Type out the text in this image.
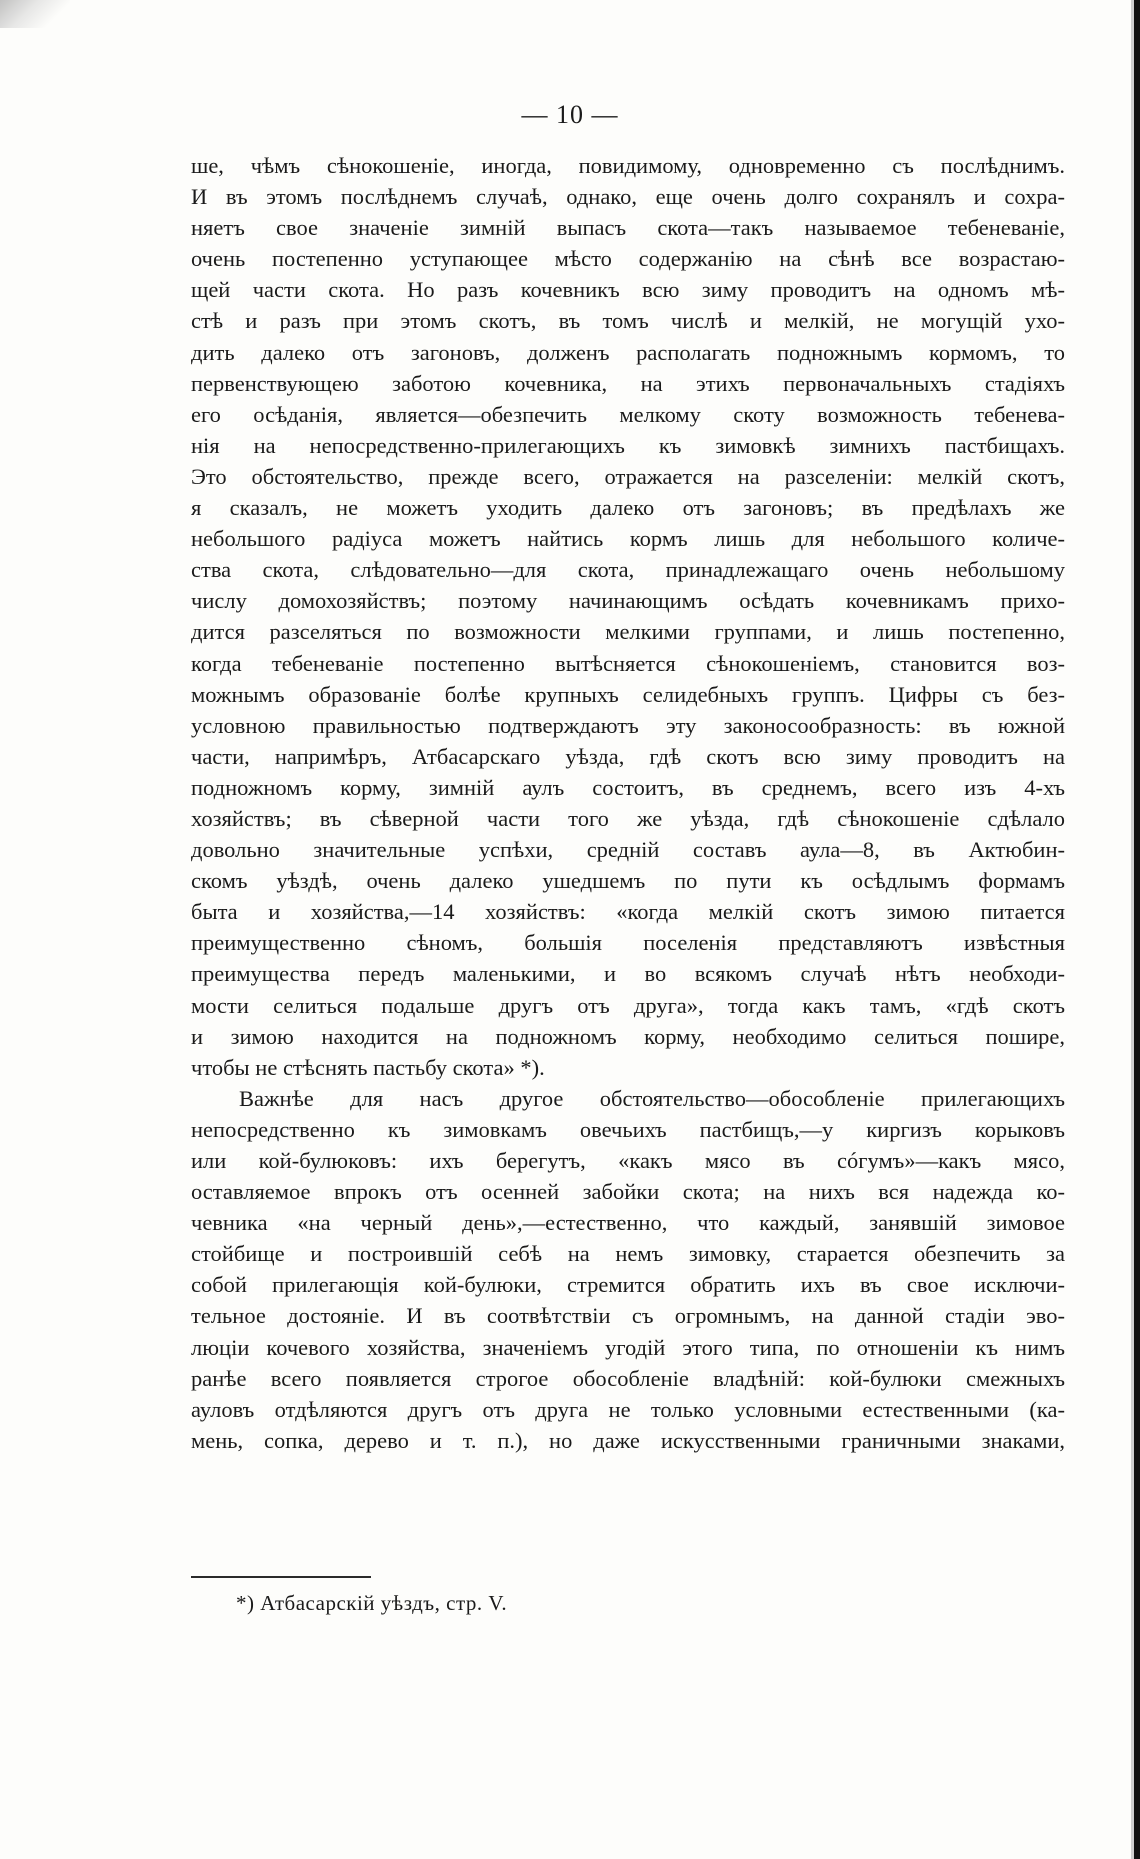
— 10 —
ше, чѣмъ сѣнокошеніе, иногда, повидимому, одновременно съ послѣднимъ.
И въ этомъ послѣднемъ случаѣ, однако, еще очень долго сохранялъ и сохра-
няетъ свое значеніе зимній выпасъ скота—такъ называемое тебеневаніе,
очень постепенно уступающее мѣсто содержанію на сѣнѣ все возрастаю-
щей части скота. Но разъ кочевникъ всю зиму проводитъ на одномъ мѣ-
стѣ и разъ при этомъ скотъ, въ томъ числѣ и мелкій, не могущій ухо-
дить далеко отъ загоновъ, долженъ располагать подножнымъ кормомъ, то
первенствующею заботою кочевника, на этихъ первоначальныхъ стадіяхъ
его осѣданія, является—обезпечить мелкому скоту возможность тебенева-
нія на непосредственно-прилегающихъ къ зимовкѣ зимнихъ пастбищахъ.
Это обстоятельство, прежде всего, отражается на разселеніи: мелкій скотъ,
я сказалъ, не можетъ уходить далеко отъ загоновъ; въ предѣлахъ же
небольшого радіуса можетъ найтись кормъ лишь для небольшого количе-
ства скота, слѣдовательно—для скота, принадлежащаго очень небольшому
числу домохозяйствъ; поэтому начинающимъ осѣдать кочевникамъ прихо-
дится разселяться по возможности мелкими группами, и лишь постепенно,
когда тебеневаніе постепенно вытѣсняется сѣнокошеніемъ, становится воз-
можнымъ образованіе болѣе крупныхъ селидебныхъ группъ. Цифры съ без-
условною правильностью подтверждаютъ эту законосообразность: въ южной
части, напримѣръ, Атбасарскаго уѣзда, гдѣ скотъ всю зиму проводитъ на
подножномъ корму, зимній аулъ состоитъ, въ среднемъ, всего изъ 4-хъ
хозяйствъ; въ сѣверной части того же уѣзда, гдѣ сѣнокошеніе сдѣлало
довольно значительные успѣхи, средній составъ аула—8, въ Актюбин-
скомъ уѣздѣ, очень далеко ушедшемъ по пути къ осѣдлымъ формамъ
быта и хозяйства,—14 хозяйствъ: «когда мелкій скотъ зимою питается
преимущественно сѣномъ, большія поселенія представляютъ извѣстныя
преимущества передъ маленькими, и во всякомъ случаѣ нѣтъ необходи-
мости селиться подальше другъ отъ друга», тогда какъ тамъ, «гдѣ скотъ
и зимою находится на подножномъ корму, необходимо селиться пошире,
чтобы не стѣснять пастьбу скота» *).
Важнѣе для насъ другое обстоятельство—обособленіе прилегающихъ
непосредственно къ зимовкамъ овечьихъ пастбищъ,—у киргизъ корыковъ
или кой-булюковъ: ихъ берегутъ, «какъ мясо въ сóгумъ»—какъ мясо,
оставляемое впрокъ отъ осенней забойки скота; на нихъ вся надежда ко-
чевника «на черный день»,—естественно, что каждый, занявшій зимовое
стойбище и построившій себѣ на немъ зимовку, старается обезпечить за
собой прилегающія кой-булюки, стремится обратить ихъ въ свое исключи-
тельное достояніе. И въ соотвѣтствіи съ огромнымъ, на данной стадіи эво-
люціи кочевого хозяйства, значеніемъ угодій этого типа, по отношеніи къ нимъ
ранѣе всего появляется строгое обособленіе владѣній: кой-булюки смежныхъ
ауловъ отдѣляются другъ отъ друга не только условными естественными (ка-
мень, сопка, дерево и т. п.), но даже искусственными граничными знаками,
*) Атбасарскій уѣздъ, стр. V.
